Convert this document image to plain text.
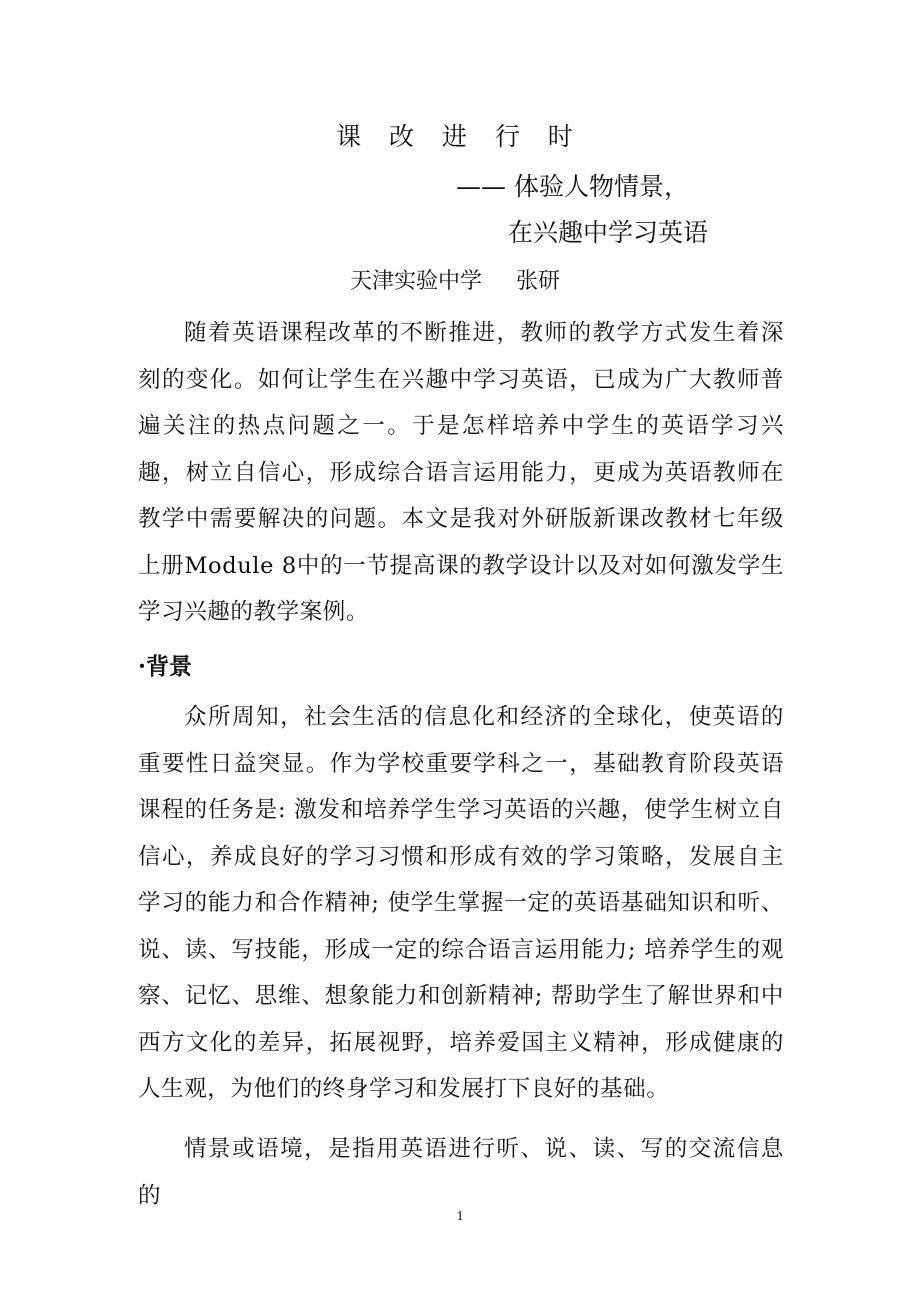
课 改 进 行 时
—— 体验人物情景，
在兴趣中学习英语
天津实验中学 张研
随着英语课程改革的不断推进，教师的教学方式发生着深刻的变化。如何让学生在兴趣中学习英语，已成为广大教师普遍关注的热点问题之一。于是怎样培养中学生的英语学习兴趣，树立自信心，形成综合语言运用能力，更成为英语教师在教学中需要解决的问题。本文是我对外研版新课改教材七年级上册Module 8中的一节提高课的教学设计以及对如何激发学生学习兴趣的教学案例。
·背景
众所周知，社会生活的信息化和经济的全球化，使英语的重要性日益突显。作为学校重要学科之一，基础教育阶段英语课程的任务是: 激发和培养学生学习英语的兴趣，使学生树立自信心，养成良好的学习习惯和形成有效的学习策略，发展自主学习的能力和合作精神; 使学生掌握一定的英语基础知识和听、说、读、写技能，形成一定的综合语言运用能力; 培养学生的观察、记忆、思维、想象能力和创新精神; 帮助学生了解世界和中西方文化的差异，拓展视野，培养爱国主义精神，形成健康的人生观，为他们的终身学习和发展打下良好的基础。
情景或语境，是指用英语进行听、说、读、写的交流信息的
1
